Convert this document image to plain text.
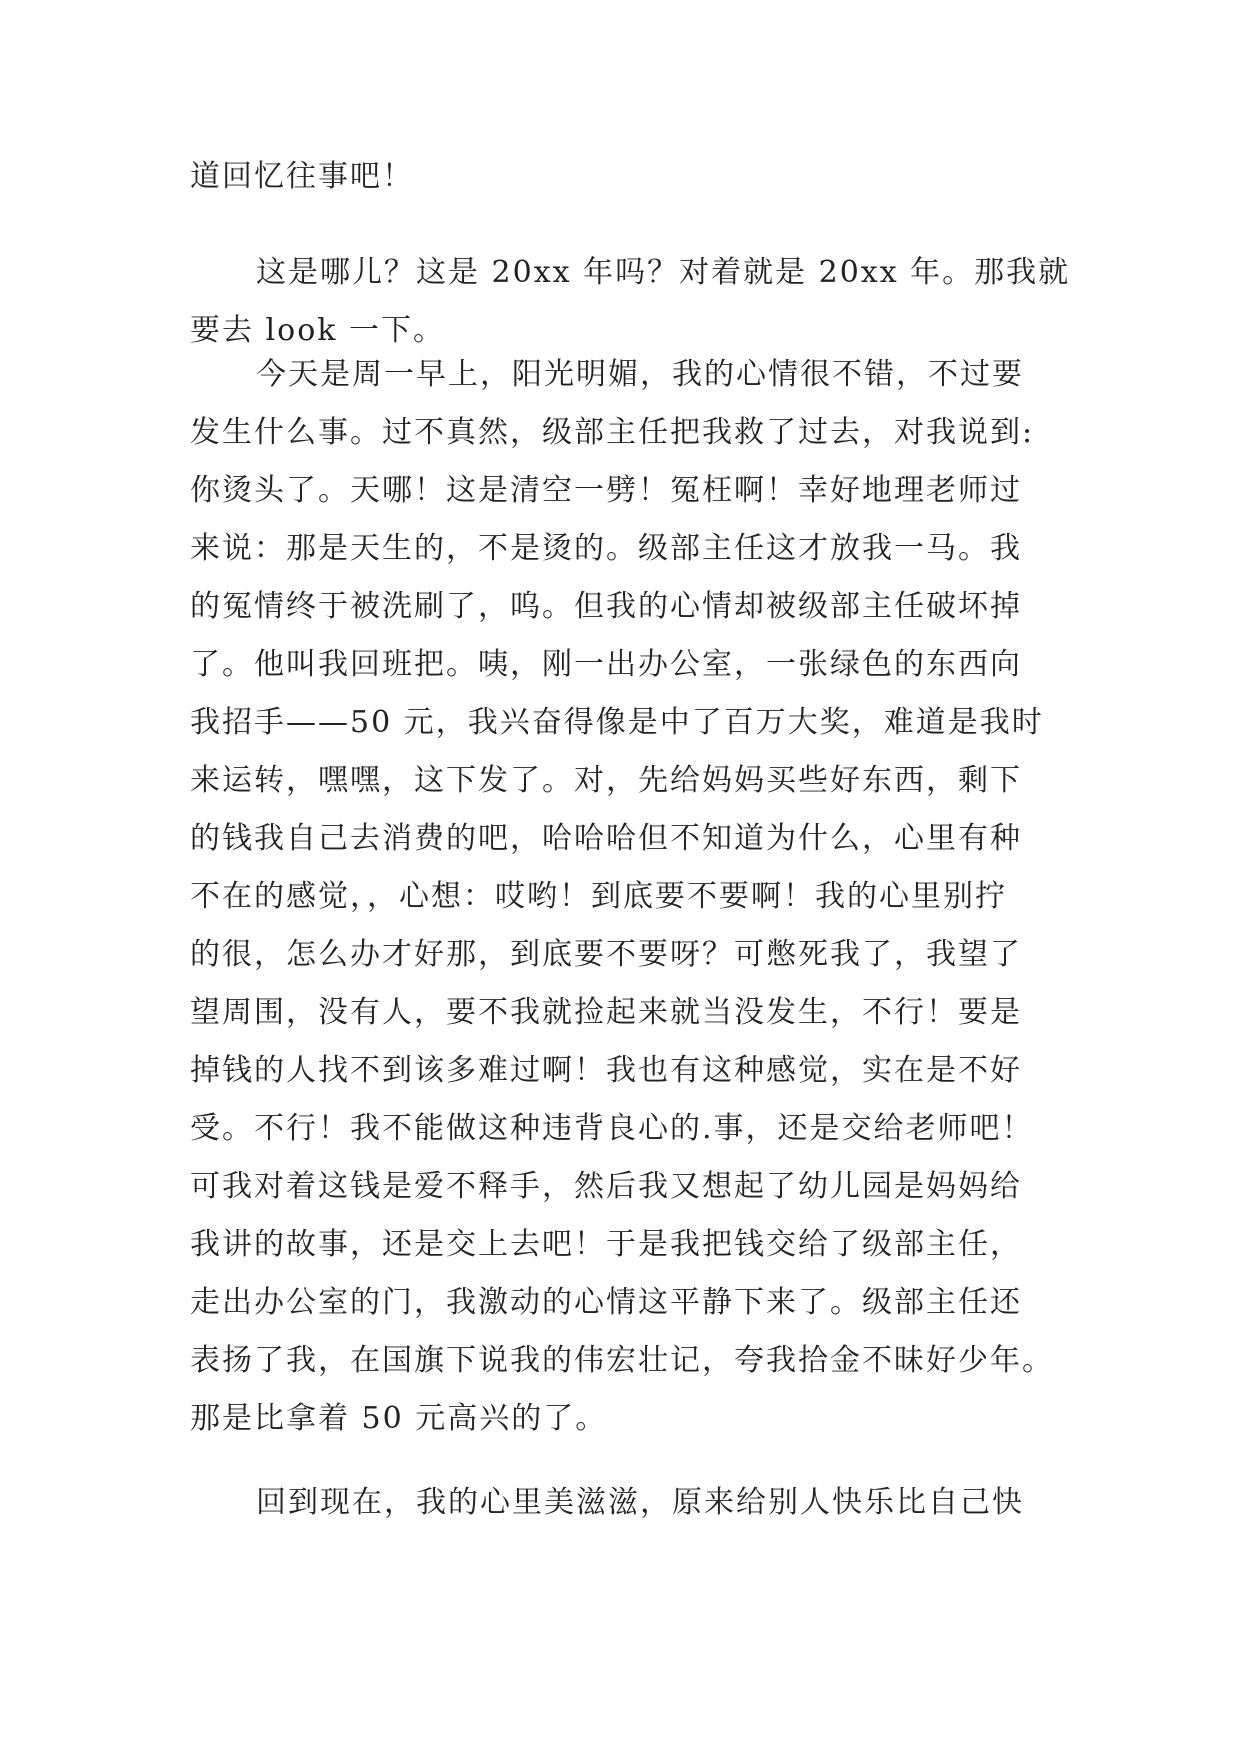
道回忆往事吧！
这是哪儿？这是 20xx 年吗？对着就是 20xx 年。那我就
要去 look 一下。
今天是周一早上，阳光明媚，我的心情很不错，不过要
发生什么事。过不真然，级部主任把我救了过去，对我说到:
你烫头了。天哪！这是清空一劈！冤枉啊！幸好地理老师过
来说：那是天生的，不是烫的。级部主任这才放我一马。我
的冤情终于被洗刷了，呜。但我的心情却被级部主任破坏掉
了。他叫我回班把。咦，刚一出办公室，一张绿色的东西向
我招手——50 元，我兴奋得像是中了百万大奖，难道是我时
来运转，嘿嘿，这下发了。对，先给妈妈买些好东西，剩下
的钱我自己去消费的吧，哈哈哈但不知道为什么，心里有种
不在的感觉，，心想：哎哟！到底要不要啊！我的心里别拧
的很，怎么办才好那，到底要不要呀？可憋死我了，我望了
望周围，没有人，要不我就捡起来就当没发生，不行！要是
掉钱的人找不到该多难过啊！我也有这种感觉，实在是不好
受。不行！我不能做这种违背良心的.事，还是交给老师吧！
可我对着这钱是爱不释手，然后我又想起了幼儿园是妈妈给
我讲的故事，还是交上去吧！于是我把钱交给了级部主任，
走出办公室的门，我激动的心情这平静下来了。级部主任还
表扬了我，在国旗下说我的伟宏壮记，夸我拾金不昧好少年。
那是比拿着 50 元高兴的了。
回到现在，我的心里美滋滋，原来给别人快乐比自己快
